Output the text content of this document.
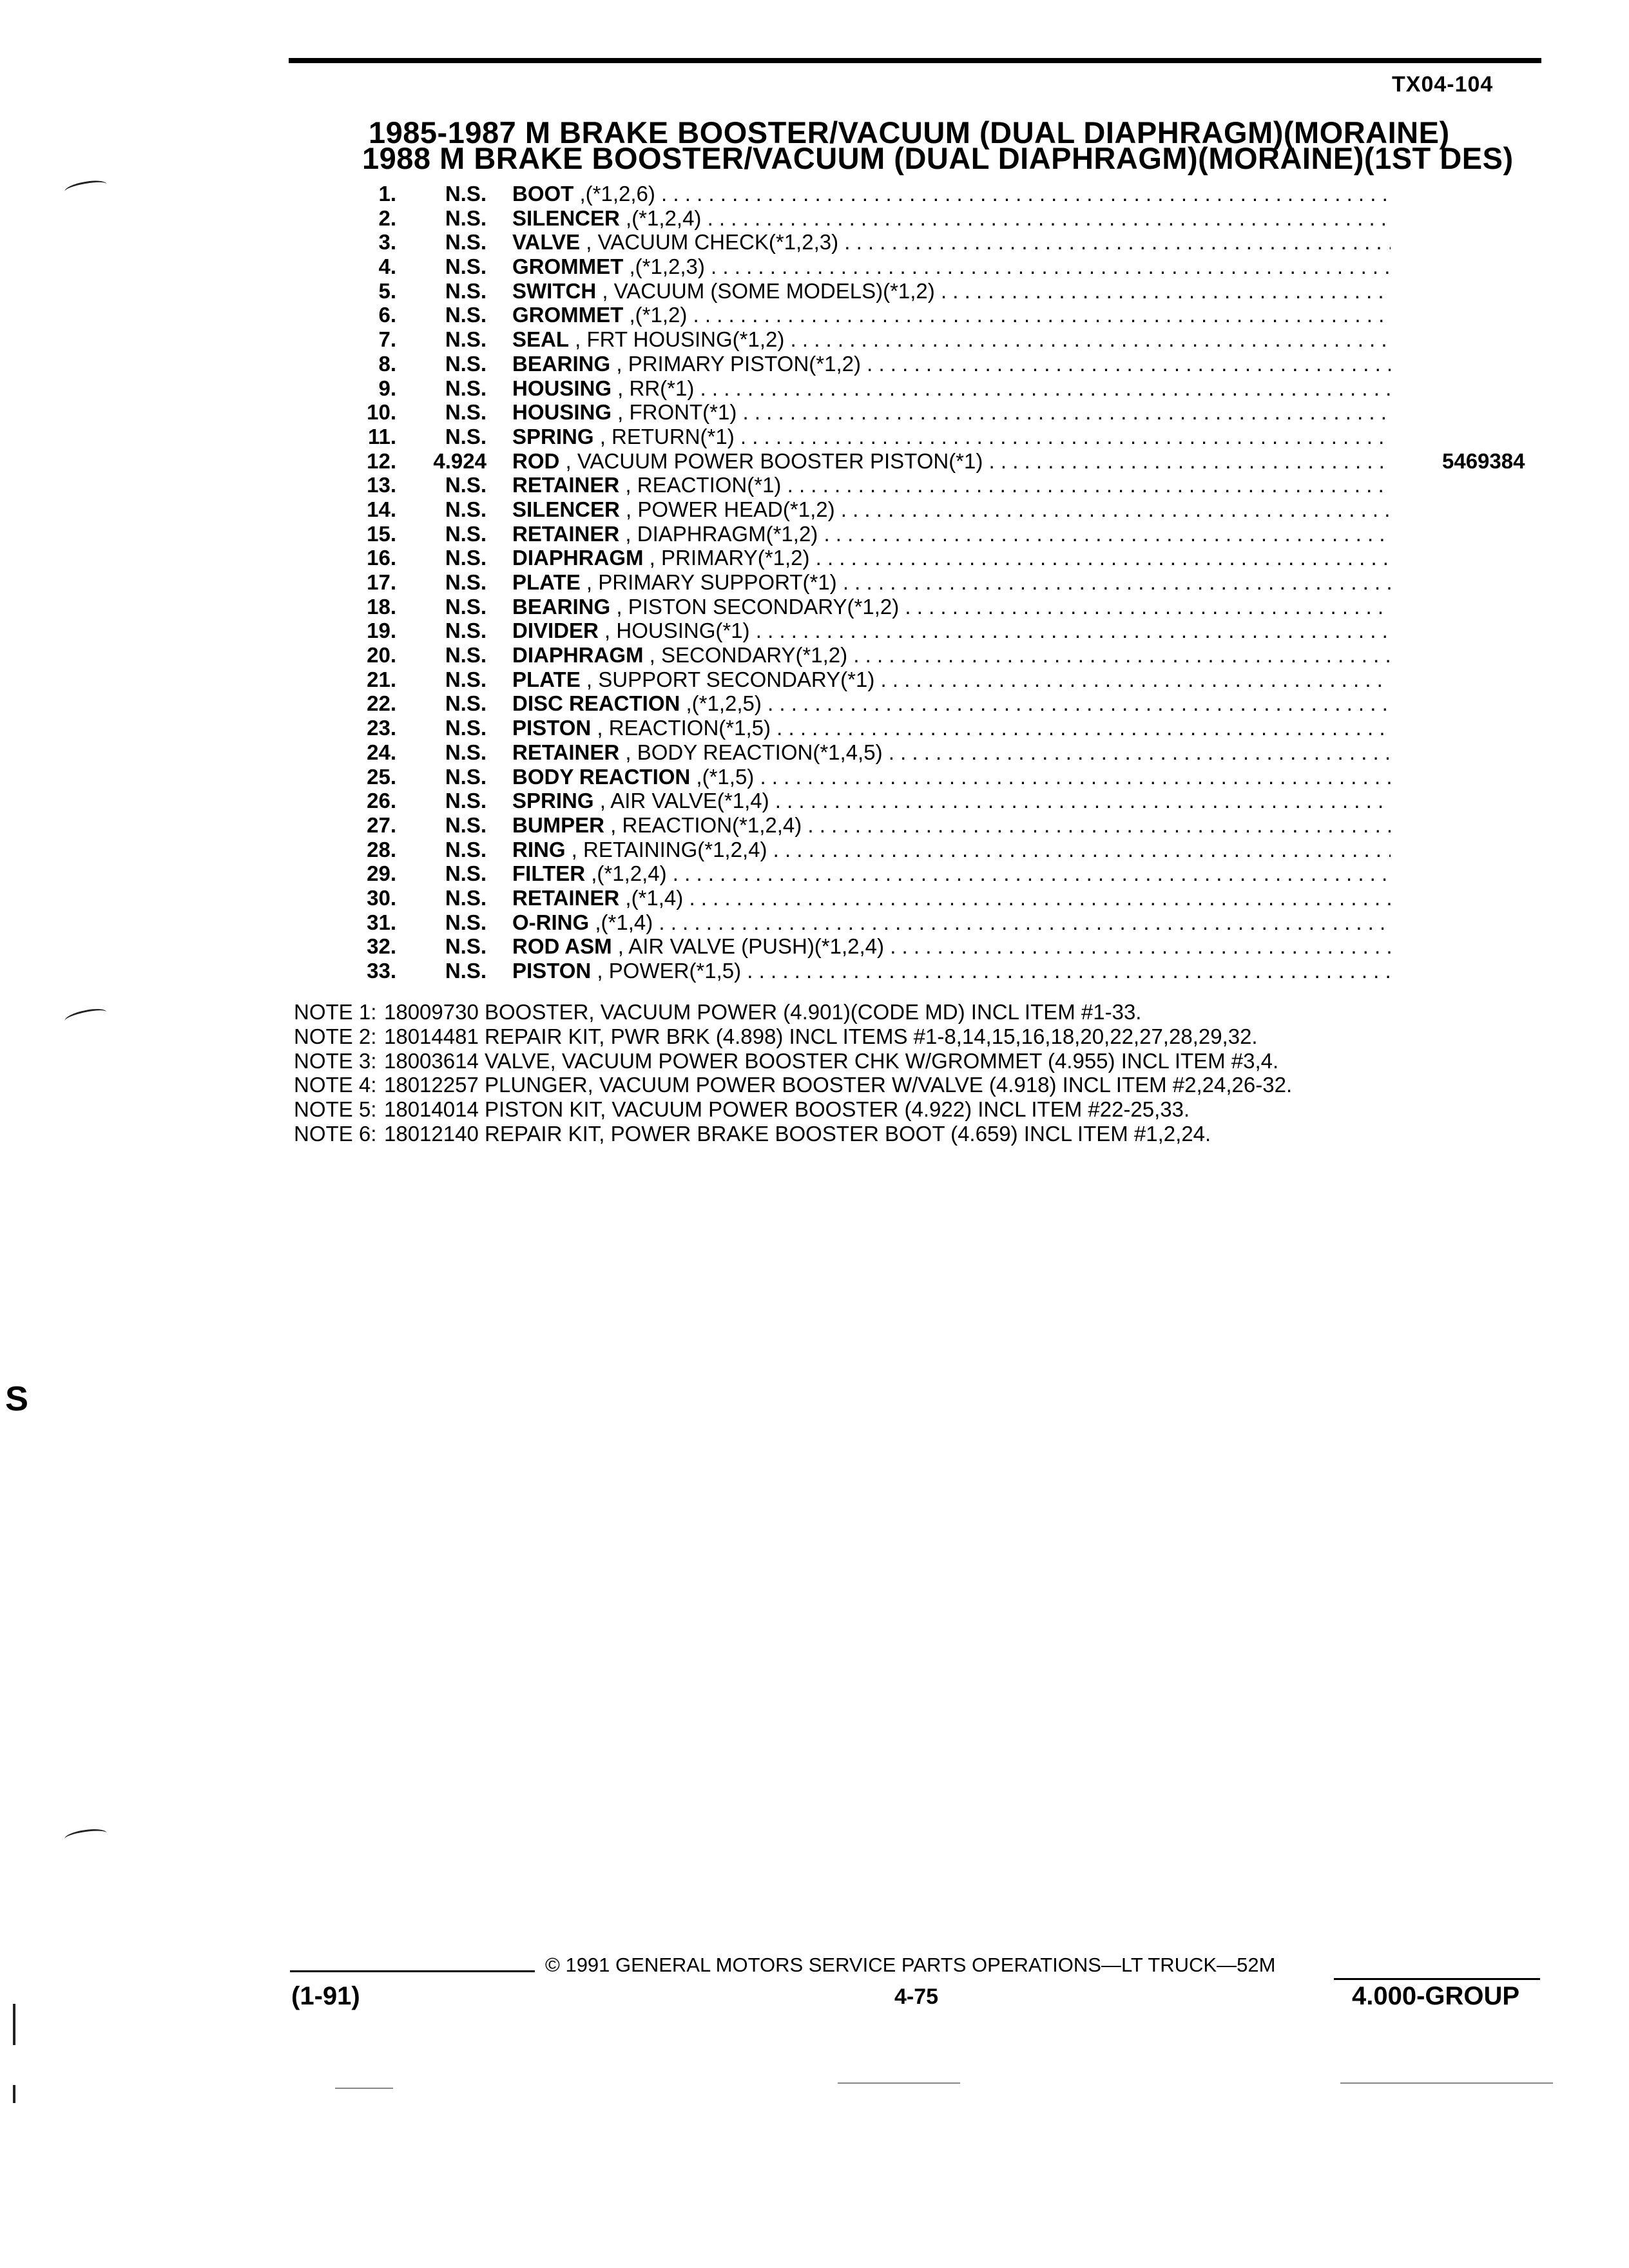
TX04-104
1985-1987 M BRAKE BOOSTER/VACUUM (DUAL DIAPHRAGM)(MORAINE)
1988 M BRAKE BOOSTER/VACUUM (DUAL DIAPHRAGM)(MORAINE)(1ST DES)
1.	N.S. BOOT ,(*1,2,6) . . .
2.	N.S. SILENCER ,(*1,2,4) . . .
3.	N.S. VALVE , VACUUM CHECK(*1,2,3) . . .
4.	N.S. GROMMET ,(*1,2,3) . . .
5.	N.S. SWITCH , VACUUM (SOME MODELS)(*1,2) . . .
6.	N.S. GROMMET ,(*1,2) . . .
7.	N.S. SEAL , FRT HOUSING(*1,2) . . .
8.	N.S. BEARING , PRIMARY PISTON(*1,2) . . .
9.	N.S. HOUSING , RR(*1) . . .
10.	N.S. HOUSING , FRONT(*1) . . .
11.	N.S. SPRING , RETURN(*1) . . .
12.	4.924 ROD , VACUUM POWER BOOSTER PISTON(*1) . . .	5469384
13.	N.S. RETAINER , REACTION(*1) . . .
14.	N.S. SILENCER , POWER HEAD(*1,2) . . .
15.	N.S. RETAINER , DIAPHRAGM(*1,2) . . .
16.	N.S. DIAPHRAGM , PRIMARY(*1,2) . . .
17.	N.S. PLATE , PRIMARY SUPPORT(*1) . . .
18.	N.S. BEARING , PISTON SECONDARY(*1,2) . . .
19.	N.S. DIVIDER , HOUSING(*1) . . .
20.	N.S. DIAPHRAGM , SECONDARY(*1,2) . . .
21.	N.S. PLATE , SUPPORT SECONDARY(*1) . . .
22.	N.S. DISC REACTION ,(*1,2,5) . . .
23.	N.S. PISTON , REACTION(*1,5) . . .
24.	N.S. RETAINER , BODY REACTION(*1,4,5) . . .
25.	N.S. BODY REACTION ,(*1,5) . . .
26.	N.S. SPRING , AIR VALVE(*1,4) . . .
27.	N.S. BUMPER , REACTION(*1,2,4) . . .
28.	N.S. RING , RETAINING(*1,2,4) . . .
29.	N.S. FILTER ,(*1,2,4) . . .
30.	N.S. RETAINER ,(*1,4) . . .
31.	N.S. O-RING ,(*1,4) . . .
32.	N.S. ROD ASM , AIR VALVE (PUSH)(*1,2,4) . . .
33.	N.S. PISTON , POWER(*1,5) . . .
NOTE 1: 18009730 BOOSTER, VACUUM POWER (4.901)(CODE MD) INCL ITEM #1-33.
NOTE 2: 18014481 REPAIR KIT, PWR BRK (4.898) INCL ITEMS #1-8,14,15,16,18,20,22,27,28,29,32.
NOTE 3: 18003614 VALVE, VACUUM POWER BOOSTER CHK W/GROMMET (4.955) INCL ITEM #3,4.
NOTE 4: 18012257 PLUNGER, VACUUM POWER BOOSTER W/VALVE (4.918) INCL ITEM #2,24,26-32.
NOTE 5: 18014014 PISTON KIT, VACUUM POWER BOOSTER (4.922) INCL ITEM #22-25,33.
NOTE 6: 18012140 REPAIR KIT, POWER BRAKE BOOSTER BOOT (4.659) INCL ITEM #1,2,24.
© 1991 GENERAL MOTORS SERVICE PARTS OPERATIONS—LT TRUCK—52M
(1-91)	4-75	4.000-GROUP
S
